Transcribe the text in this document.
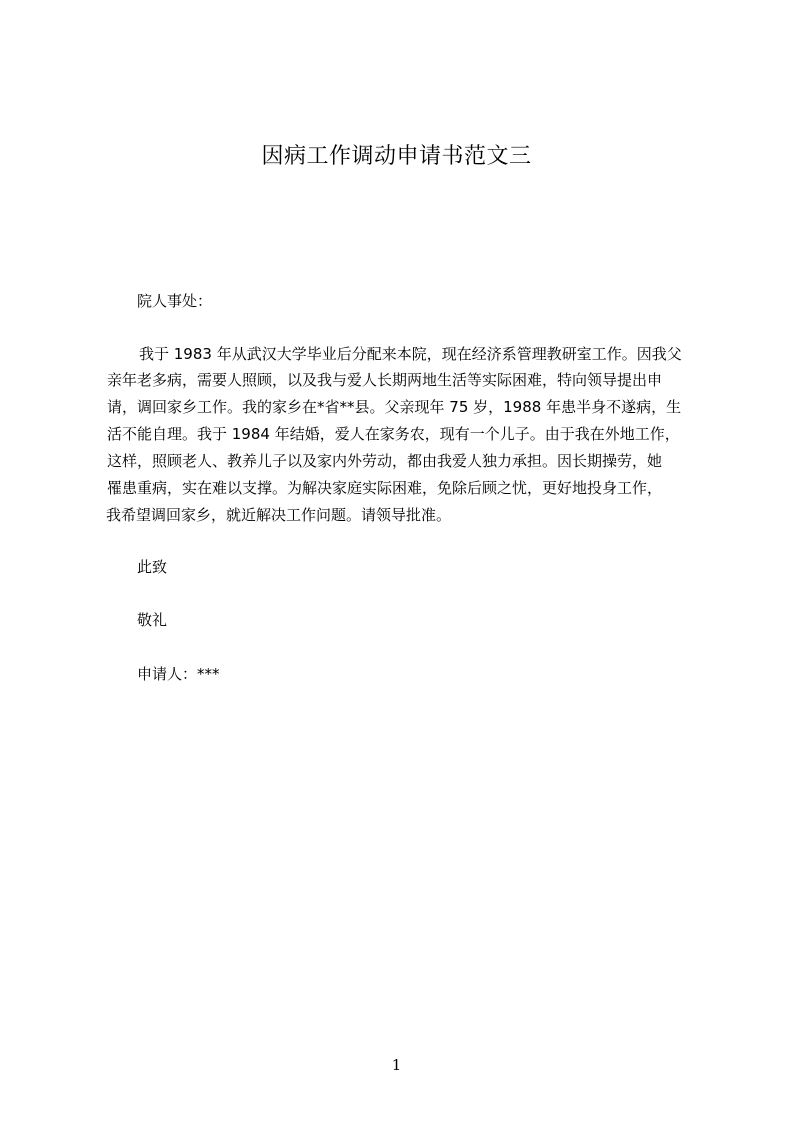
因病工作调动申请书范文三
院人事处：
我于 1983 年从武汉大学毕业后分配来本院，现在经济系管理教研室工作。因我父
亲年老多病，需要人照顾，以及我与爱人长期两地生活等实际困难，特向领导提出申
请，调回家乡工作。我的家乡在*省**县。父亲现年 75 岁，1988 年患半身不遂病，生
活不能自理。我于 1984 年结婚，爱人在家务农，现有一个儿子。由于我在外地工作，
这样，照顾老人、教养儿子以及家内外劳动，都由我爱人独力承担。因长期操劳，她
罹患重病，实在难以支撑。为解决家庭实际困难，免除后顾之忧，更好地投身工作，
我希望调回家乡，就近解决工作问题。请领导批准。
此致
敬礼
申请人：***
1
